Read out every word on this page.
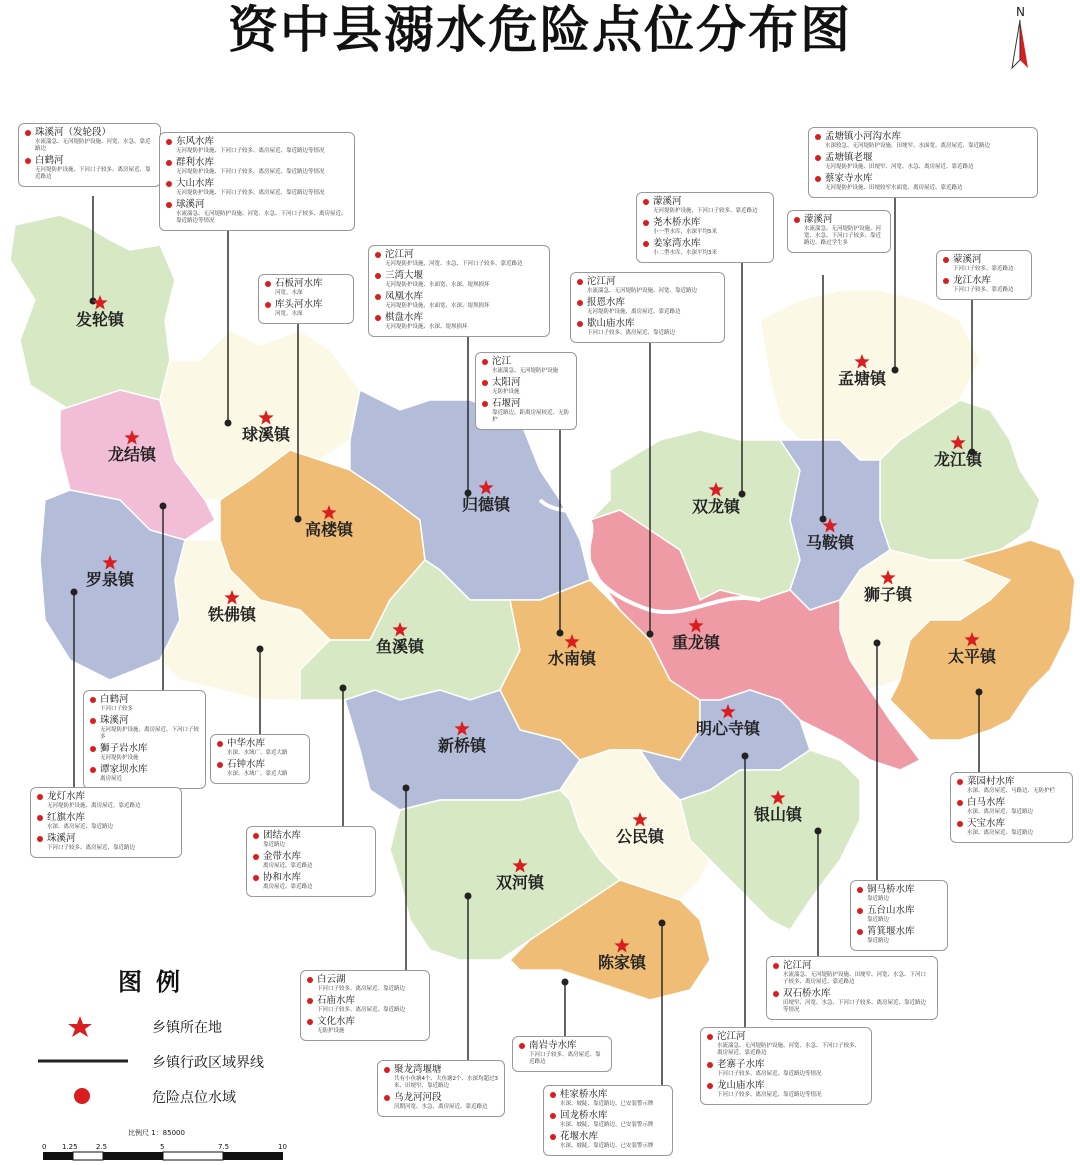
发轮镇
龙结镇
球溪镇
罗泉镇
高楼镇
归德镇
铁佛镇
鱼溪镇
水南镇
双龙镇
孟塘镇
龙江镇
马鞍镇
狮子镇
重龙镇
太平镇
明心寺镇
新桥镇
银山镇
公民镇
双河镇
陈家镇
资中县溺水危险点位分布图	N
珠溪河（发轮段）
水流湍急、无河堤防护设施、河宽、水急、靠近路边
白鹤河
无河堤防护设施、下河口子较多、离房屋近、靠近路边
东风水库
无河堤防护设施、下河口子较多、离房屋近、靠近路边等情况
群利水库
无河堤防护设施、下河口子较多、离房屋近、靠近路边等情况
大山水库
无河堤防护设施、下河口子较多、离房屋近、靠近路边等情况
球溪河
水流湍急、无河堤防护设施、河宽、水急、下河口子较多、离房屋近、靠近路边等情况
孟塘镇小河沟水库
水深较急、无河堤防护设施、田埂窄、水面宽、离房屋近、靠近路边
孟塘镇老堰
无河堤防护设施、田埂窄、河宽、水急、离房屋近、靠近路边
蔡家寺水库
无河堤防护设施、田埂较窄水面宽、离房屋近、靠近路边
濛溪河
无河堤防护设施、下河口子较多、靠近路边
尧木桥水库
小一型水库，水深平均5米
姜家湾水库
小二型水库，水深平均3米
濛溪河
水流湍急、无河堤防护设施、河宽、水急、下河口子较多、靠近路边、路过学生多
沱江河
无河堤防护设施、河宽、水急、下河口子较多、靠近路边
三湾大堰
无河堤防护设施、水面宽、水深、堤坝损坏
凤凰水库
无河堤防护设施、水面宽、水深、堤坝损坏
棋盘水库
无河堤防护设施、水深、堤坝损坏
蒙溪河
下河口子较多、靠近路边
龙江水库
下河口子较多、靠近路边
石板河水库
河宽、水深
库头河水库
河宽、水深
沱江河
水流湍急、无河堤防护设施、河宽、靠近路边
报恩水库
无河堤防护设施、离房屋近、靠近路边
歇山庙水库
下河口子较多、离房屋近、靠近路边
沱江
水流湍急、无河堤防护设施
太阳河
无防护设施
石堰河
靠近路边、距离房屋较近、无防护
白鹤河
下河口子较多
珠溪河
无河堤防护设施、离房屋近、下河口子较多
獅子岩水库
无河堤防护设施
谭家坝水库
离房屋近
中华水库
水深、水域广、靠近大路
石钟水库
水深、水域广、靠近大路
龙灯水库
无河堤防护设施、离房屋近、靠近路边
红旗水库
水深、离房屋近、靠近路边
珠溪河
下河口子较多、离房屋近、靠近路边
团结水库
靠近路边
金带水库
离房屋近、靠近路边
协和水库
离房屋近、靠近路边
菜园村水库
水深、离房屋近、马路边、无防护栏
白马水库
水深、离房屋近、靠近路边
天宝水库
水深、离房屋近、靠近路边
铜马桥水库
靠近路边
五台山水库
靠近路边
筲箕堰水库
靠近路边
沱江河
水流湍急、无河堤防护设施、田埂窄、河宽、水急、下河口子较多、离房屋近、靠近路边
双石桥水库
田埂窄、河宽、水急、下河口子较多、离房屋近、靠近路边等情况
白云湖
下河口子较多、离房屋近、靠近路边
石庙水库
下河口子较多、离房屋近、靠近路边
文化水库
无防护设施
南岩寺水库
下河口子较多、离房屋近、靠近路边
沱江河
水流湍急、无河堤防护设施、河宽、水急、下河口子较多、离房屋近、靠近路边
老寨子水库
下河口子较多、离房屋近、靠近路边等情况
龙山庙水库
下河口子较多、离房屋近、靠近路边等情况
聚龙湾堰塘
共有小鱼塘4个、大鱼塘2个、水深均超过3米、田埂窄、靠近路边
乌龙河河段
汛期河宽、水急、离房屋近、靠近路边
桂家桥水库
水深、坡陡、靠近路边、已安装警示牌
回龙桥水库
水深、坡陡、靠近路边、已安装警示牌
花堰水库
水深、坡陡、靠近路边、已安装警示牌
图例
乡镇所在地
乡镇行政区域界线
危险点位水域
比例尺 1：85000
0 1.25	2.5	5	7.5	10
